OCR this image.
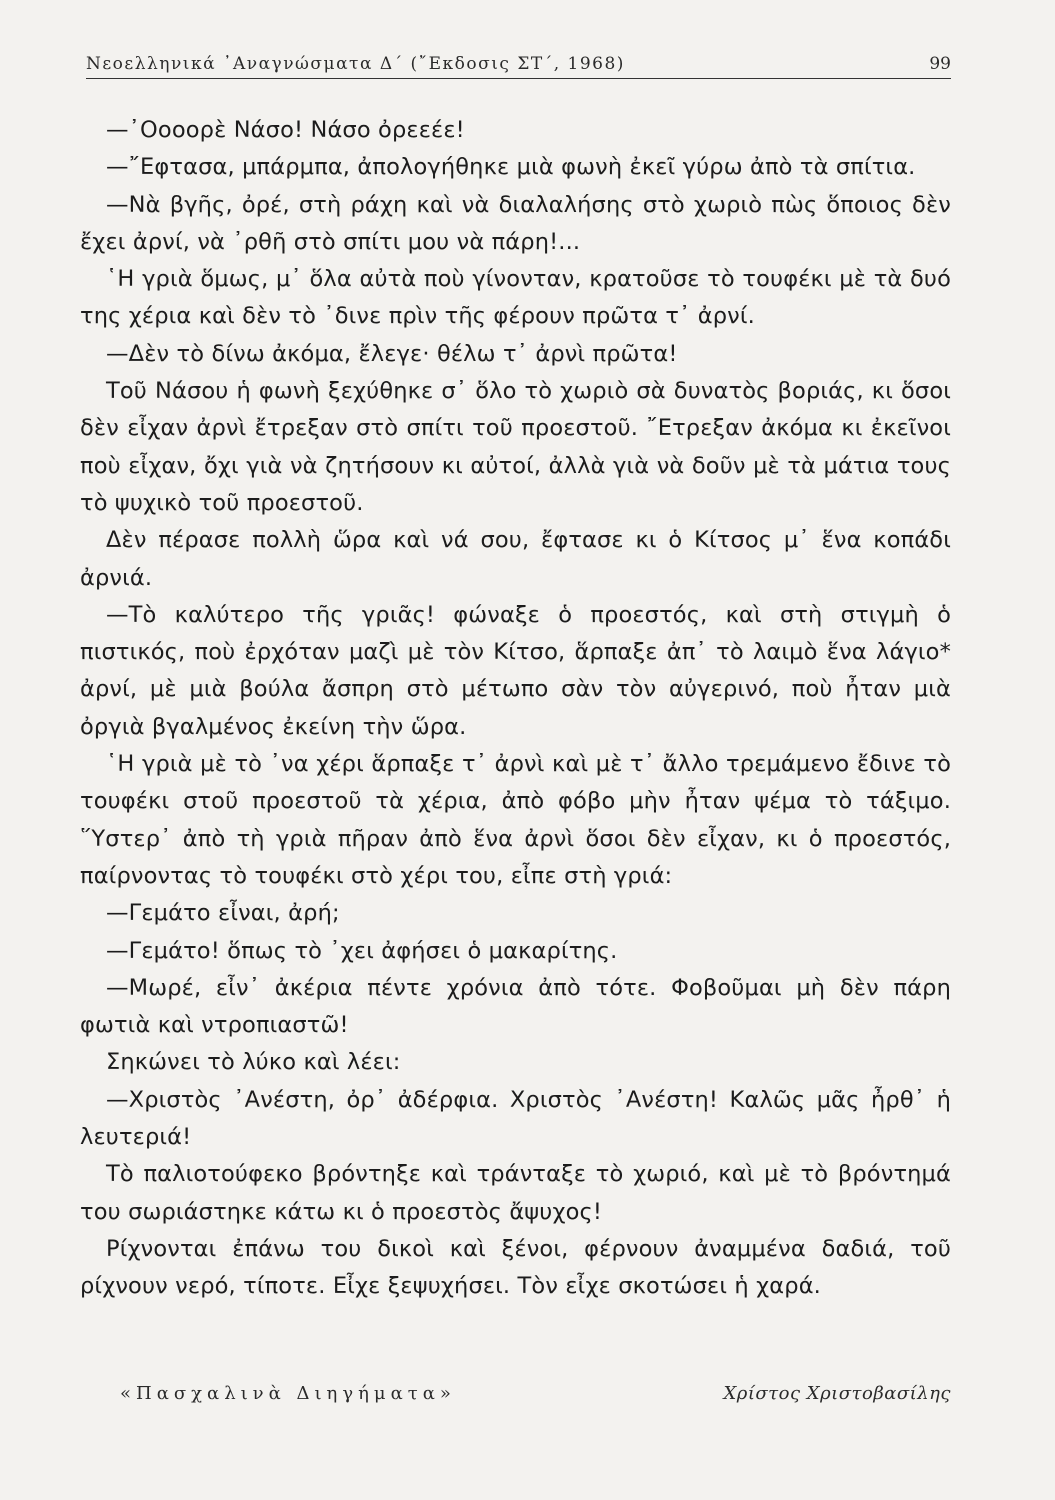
Νεοελληνικά ᾿Αναγνώσματα Δ΄ (῎Εκδοσις ΣΤ΄, 1968)	99

—᾿Οοοορὲ Νάσο! Νάσο ὀρεεέε!

—῎Εφτασα, μπάρμπα, ἀπολογήθηκε μιὰ φωνὴ ἐκεῖ γύρω ἀπὸ τὰ σπίτια.

—Νὰ βγῆς, ὀρέ, στὴ ράχη καὶ νὰ διαλαλήσης στὸ χωριὸ πὼς ὅποιος δὲν ἔχει ἀρνί, νὰ ᾿ρθῆ στὸ σπίτι μου νὰ πάρη!...

῾Η γριὰ ὅμως, μ᾿ ὅλα αὐτὰ ποὺ γίνονταν, κρατοῦσε τὸ τουφέκι μὲ τὰ δυό της χέρια καὶ δὲν τὸ ᾿δινε πρὶν τῆς φέρουν πρῶτα τ᾿ ἀρνί.

—Δὲν τὸ δίνω ἀκόμα, ἔλεγε· θέλω τ᾿ ἀρνὶ πρῶτα!

Τοῦ Νάσου ἡ φωνὴ ξεχύθηκε σ᾿ ὅλο τὸ χωριὸ σὰ δυνατὸς βοριάς, κι ὅσοι δὲν εἶχαν ἀρνὶ ἔτρεξαν στὸ σπίτι τοῦ προεστοῦ. ῎Ετρεξαν ἀκόμα κι ἐκεῖνοι ποὺ εἶχαν, ὄχι γιὰ νὰ ζητήσουν κι αὐτοί, ἀλλὰ γιὰ νὰ δοῦν μὲ τὰ μάτια τους τὸ ψυχικὸ τοῦ προεστοῦ.

Δὲν πέρασε πολλὴ ὥρα καὶ νά σου, ἔφτασε κι ὁ Κίτσος μ᾿ ἕνα κοπάδι ἀρνιά.

—Τὸ καλύτερο τῆς γριᾶς! φώναξε ὁ προεστός, καὶ στὴ στιγμὴ ὁ πιστικός, ποὺ ἐρχόταν μαζὶ μὲ τὸν Κίτσο, ἅρπαξε ἀπ᾿ τὸ λαιμὸ ἕνα λάγιο* ἀρνί, μὲ μιὰ βούλα ἄσπρη στὸ μέτωπο σὰν τὸν αὐγερινό, ποὺ ἦταν μιὰ ὀργιὰ βγαλμένος ἐκείνη τὴν ὥρα.

῾Η γριὰ μὲ τὸ ᾿να χέρι ἅρπαξε τ᾿ ἀρνὶ καὶ μὲ τ᾿ ἄλλο τρεμάμενο ἔδινε τὸ τουφέκι στοῦ προεστοῦ τὰ χέρια, ἀπὸ φόβο μὴν ἦταν ψέμα τὸ τάξιμο. ῞Υστερ᾿ ἀπὸ τὴ γριὰ πῆραν ἀπὸ ἕνα ἀρνὶ ὅσοι δὲν εἶχαν, κι ὁ προεστός, παίρνοντας τὸ τουφέκι στὸ χέρι του, εἶπε στὴ γριά:

—Γεμάτο εἶναι, ἀρή;

—Γεμάτο! ὅπως τὸ ᾿χει ἀφήσει ὁ μακαρίτης.

—Μωρέ, εἶν᾿ ἀκέρια πέντε χρόνια ἀπὸ τότε. Φοβοῦμαι μὴ δὲν πάρη φωτιὰ καὶ ντροπιαστῶ!

Σηκώνει τὸ λύκο καὶ λέει:

—Χριστὸς ᾿Ανέστη, ὀρ᾿ ἀδέρφια. Χριστὸς ᾿Ανέστη! Καλῶς μᾶς ἦρθ᾿ ἡ λευτεριά!

Τὸ παλιοτούφεκο βρόντηξε καὶ τράνταξε τὸ χωριό, καὶ μὲ τὸ βρόντημά του σωριάστηκε κάτω κι ὁ προεστὸς ἄψυχος!

Ρίχνονται ἐπάνω του δικοὶ καὶ ξένοι, φέρνουν ἀναμμένα δαδιά, τοῦ ρίχνουν νερό, τίποτε. Εἶχε ξεψυχήσει. Τὸν εἶχε σκοτώσει ἡ χαρά.

«Πασχαλινὰ Διηγήματα»	Χρίστος Χριστοβασίλης
